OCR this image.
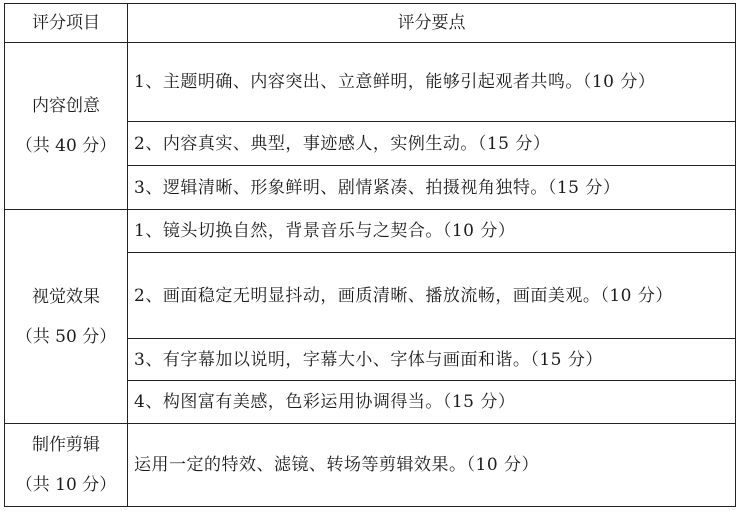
评分项目	评分要点

内容创意
（共 40 分）	1、主题明确、内容突出、立意鲜明，能够引起观者共鸣。（10 分）
	2、内容真实、典型，事迹感人，实例生动。（15 分）
	3、逻辑清晰、形象鲜明、剧情紧凑、拍摄视角独特。（15 分）

视觉效果
（共 50 分）	1、镜头切换自然，背景音乐与之契合。（10 分）
	2、画面稳定无明显抖动，画质清晰、播放流畅，画面美观。（10 分）
	3、有字幕加以说明，字幕大小、字体与画面和谐。（15 分）
	4、构图富有美感，色彩运用协调得当。（15 分）

制作剪辑
（共 10 分）	运用一定的特效、滤镜、转场等剪辑效果。（10 分）
